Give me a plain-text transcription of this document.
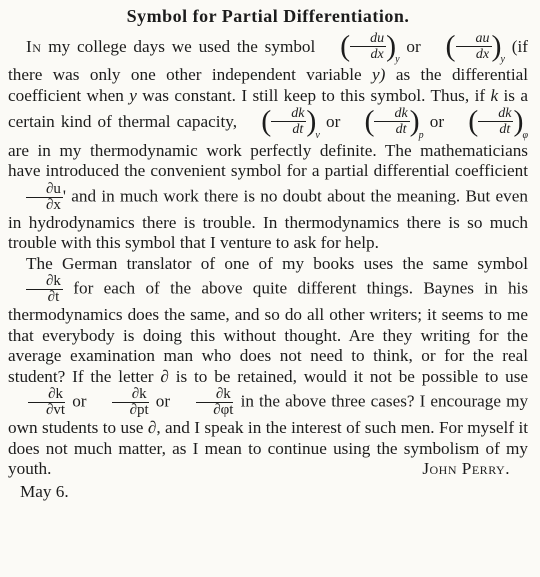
Symbol for Partial Differentiation.

In my college days we used the symbol ( $\frac{du}{dx} )_y$ or ( $\frac{au}{dx} )_y$ (if there was only one other independent variable y) as the differential coefficient when y was constant. I still keep to this symbol. Thus, if k is a certain kind of thermal capacity, ( $\frac{dk}{dt} )_v$ or ( $\frac{dk}{dt} )_p$ or ( $\frac{dk}{dt} )_\varphi$ are in my thermodynamic work perfectly definite. The mathematicians have introduced the convenient symbol for a partial differential coefficient
$\frac{\partial u}{\partial x}$ ' and in much work there is no doubt about the meaning. But even in hydrodynamics there is trouble. In thermodynamics there is so much trouble with this symbol that I venture to ask for help.

The German translator of one of my books uses the same symbol
$\frac{\partial k}{\partial t}$ for each of the above quite different things. Baynes in his thermodynamics does the same, and so do all other writers; it seems to me that everybody is doing this without thought. Are they writing for the average examination man who does not need to think, or for the real student? If the letter ∂ is to be retained, would it not be possible to use
$\frac{\partial k}{\partial vt}$ or $\frac{\partial k}{\partial pt}$ or $\frac{\partial k}{\partial\varphi t}$ in the above three cases? I encourage my own students to use ∂, and I speak in the interest of such men. For myself it does not much matter, as I mean to continue using the symbolism of my youth.	John Perry.

May 6.
